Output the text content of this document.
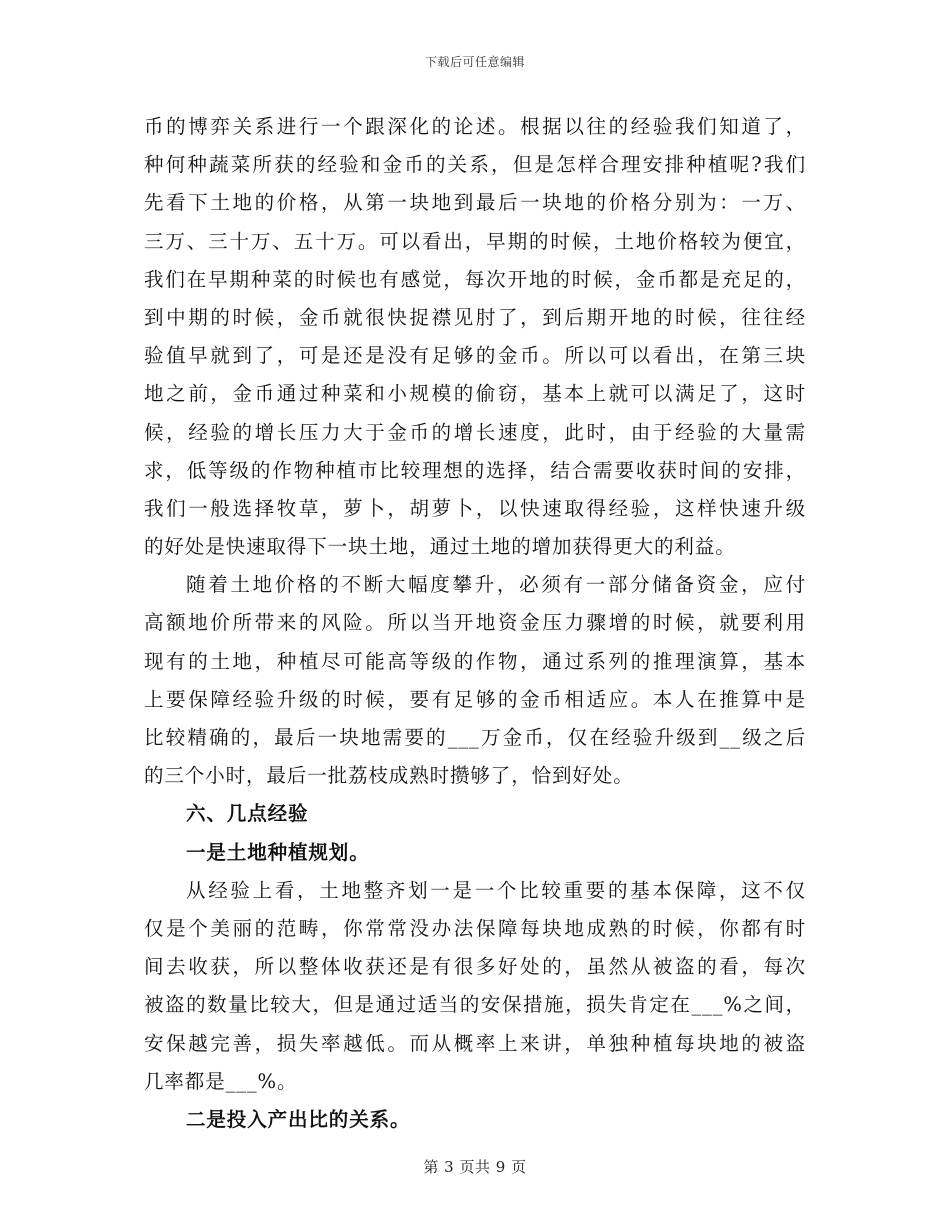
下载后可任意编辑
币的博弈关系进行一个跟深化的论述。根据以往的经验我们知道了，
种何种蔬菜所获的经验和金币的关系，但是怎样合理安排种植呢?我们
先看下土地的价格，从第一块地到最后一块地的价格分别为：一万、
三万、三十万、五十万。可以看出，早期的时候，土地价格较为便宜，
我们在早期种菜的时候也有感觉，每次开地的时候，金币都是充足的，
到中期的时候，金币就很快捉襟见肘了，到后期开地的时候，往往经
验值早就到了，可是还是没有足够的金币。所以可以看出，在第三块
地之前，金币通过种菜和小规模的偷窃，基本上就可以满足了，这时
候，经验的增长压力大于金币的增长速度，此时，由于经验的大量需
求，低等级的作物种植市比较理想的选择，结合需要收获时间的安排，
我们一般选择牧草，萝卜，胡萝卜，以快速取得经验，这样快速升级
的好处是快速取得下一块土地，通过土地的增加获得更大的利益。
随着土地价格的不断大幅度攀升，必须有一部分储备资金，应付
高额地价所带来的风险。所以当开地资金压力骤增的时候，就要利用
现有的土地，种植尽可能高等级的作物，通过系列的推理演算，基本
上要保障经验升级的时候，要有足够的金币相适应。本人在推算中是
比较精确的，最后一块地需要的___万金币，仅在经验升级到__级之后
的三个小时，最后一批荔枝成熟时攒够了，恰到好处。
六、几点经验
一是土地种植规划。
从经验上看，土地整齐划一是一个比较重要的基本保障，这不仅
仅是个美丽的范畴，你常常没办法保障每块地成熟的时候，你都有时
间去收获，所以整体收获还是有很多好处的，虽然从被盗的看，每次
被盗的数量比较大，但是通过适当的安保措施，损失肯定在___%之间，
安保越完善，损失率越低。而从概率上来讲，单独种植每块地的被盗
几率都是___%。
二是投入产出比的关系。
第 3 页共 9 页
